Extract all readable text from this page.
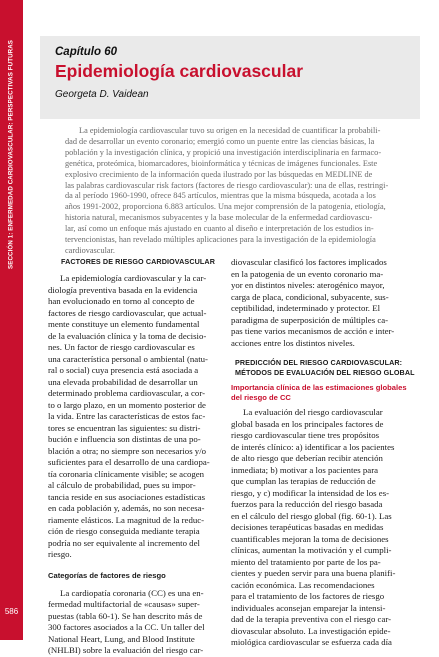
SECCIÓN 1: ENFERMEDAD CARDIOVASCULAR: PERSPECTIVAS FUTURAS
586
Capítulo 60
Epidemiología cardiovascular
Georgeta D. Vaidean

La epidemiología cardiovascular tuvo su origen en la necesidad de cuantificar la probabili-

dad de desarrollar un evento coronario; emergió como un puente entre las ciencias básicas, la

población y la investigación clínica, y propició una investigación interdisciplinaria en farmaco-

genética, proteómica, biomarcadores, bioinformática y técnicas de imágenes funcionales. Este

explosivo crecimiento de la información queda ilustrado por las búsquedas en MEDLINE de

las palabras cardiovascular risk factors (factores de riesgo cardiovascular): una de ellas, restringi-

da al período 1960-1990, ofrece 845 artículos, mientras que la misma búsqueda, acotada a los

años 1991-2002, proporciona 6.883 artículos. Una mejor comprensión de la patogenia, etiología,

historia natural, mecanismos subyacentes y la base molecular de la enfermedad cardiovascu-

lar, así como un enfoque más ajustado en cuanto al diseño e interpretación de los estudios in-

tervencionistas, han revelado múltiples aplicaciones para la investigación de la epidemiología

cardiovascular.

FACTORES DE RIESGO CARDIOVASCULAR
La epidemiología cardiovascular y la car-
diología preventiva basada en la evidencia
han evolucionado en torno al concepto de
factores de riesgo cardiovascular, que actual-
mente constituye un elemento fundamental
de la evaluación clínica y la toma de decisio-
nes. Un factor de riesgo cardiovascular es
una característica personal o ambiental (natu-
ral o social) cuya presencia está asociada a
una elevada probabilidad de desarrollar un
determinado problema cardiovascular, a cor-
to o largo plazo, en un momento posterior de
la vida. Entre las características de estos fac-
tores se encuentran las siguientes: su distri-
bución e influencia son distintas de una po-
blación a otra; no siempre son necesarios y/o
suficientes para el desarrollo de una cardiopa-
tía coronaria clínicamente visible; se acogen
al cálculo de probabilidad, pues su impor-
tancia reside en sus asociaciones estadísticas
en cada población y, además, no son necesa-
riamente elásticos. La magnitud de la reduc-
ción de riesgo conseguida mediante terapia
podría no ser equivalente al incremento del
riesgo.
Categorías de factores de riesgo
La cardiopatía coronaria (CC) es una en-
fermedad multifactorial de «causas» super-
puestas (tabla 60-1). Se han descrito más de
300 factores asociados a la CC. Un taller del
National Heart, Lung, and Blood Institute
(NHLBI) sobre la evaluación del riesgo car-
diovascular clasificó los factores implicados
en la patogenia de un evento coronario ma-
yor en distintos niveles: aterogénico mayor,
carga de placa, condicional, subyacente, sus-
ceptibilidad, indeterminado y protector. El
paradigma de superposición de múltiples ca-
pas tiene varios mecanismos de acción e inter-
acciones entre los distintos niveles.
PREDICCIÓN DEL RIESGO CARDIOVASCULAR:
MÉTODOS DE EVALUACIÓN DEL RIESGO GLOBAL
Importancia clínica de las estimaciones globales
del riesgo de CC
La evaluación del riesgo cardiovascular
global basada en los principales factores de
riesgo cardiovascular tiene tres propósitos
de interés clínico: a) identificar a los pacientes
de alto riesgo que deberían recibir atención
inmediata; b) motivar a los pacientes para
que cumplan las terapias de reducción de
riesgo, y c) modificar la intensidad de los es-
fuerzos para la reducción del riesgo basada
en el cálculo del riesgo global (fig. 60-1). Las
decisiones terapéuticas basadas en medidas
cuantificables mejoran la toma de decisiones
clínicas, aumentan la motivación y el cumpli-
miento del tratamiento por parte de los pa-
cientes y pueden servir para una buena planifi-
cación económica. Las recomendaciones
para el tratamiento de los factores de riesgo
individuales aconsejan emparejar la intensi-
dad de la terapia preventiva con el riesgo car-
diovascular absoluto. La investigación epide-
miológica cardiovascular se esfuerza cada día
